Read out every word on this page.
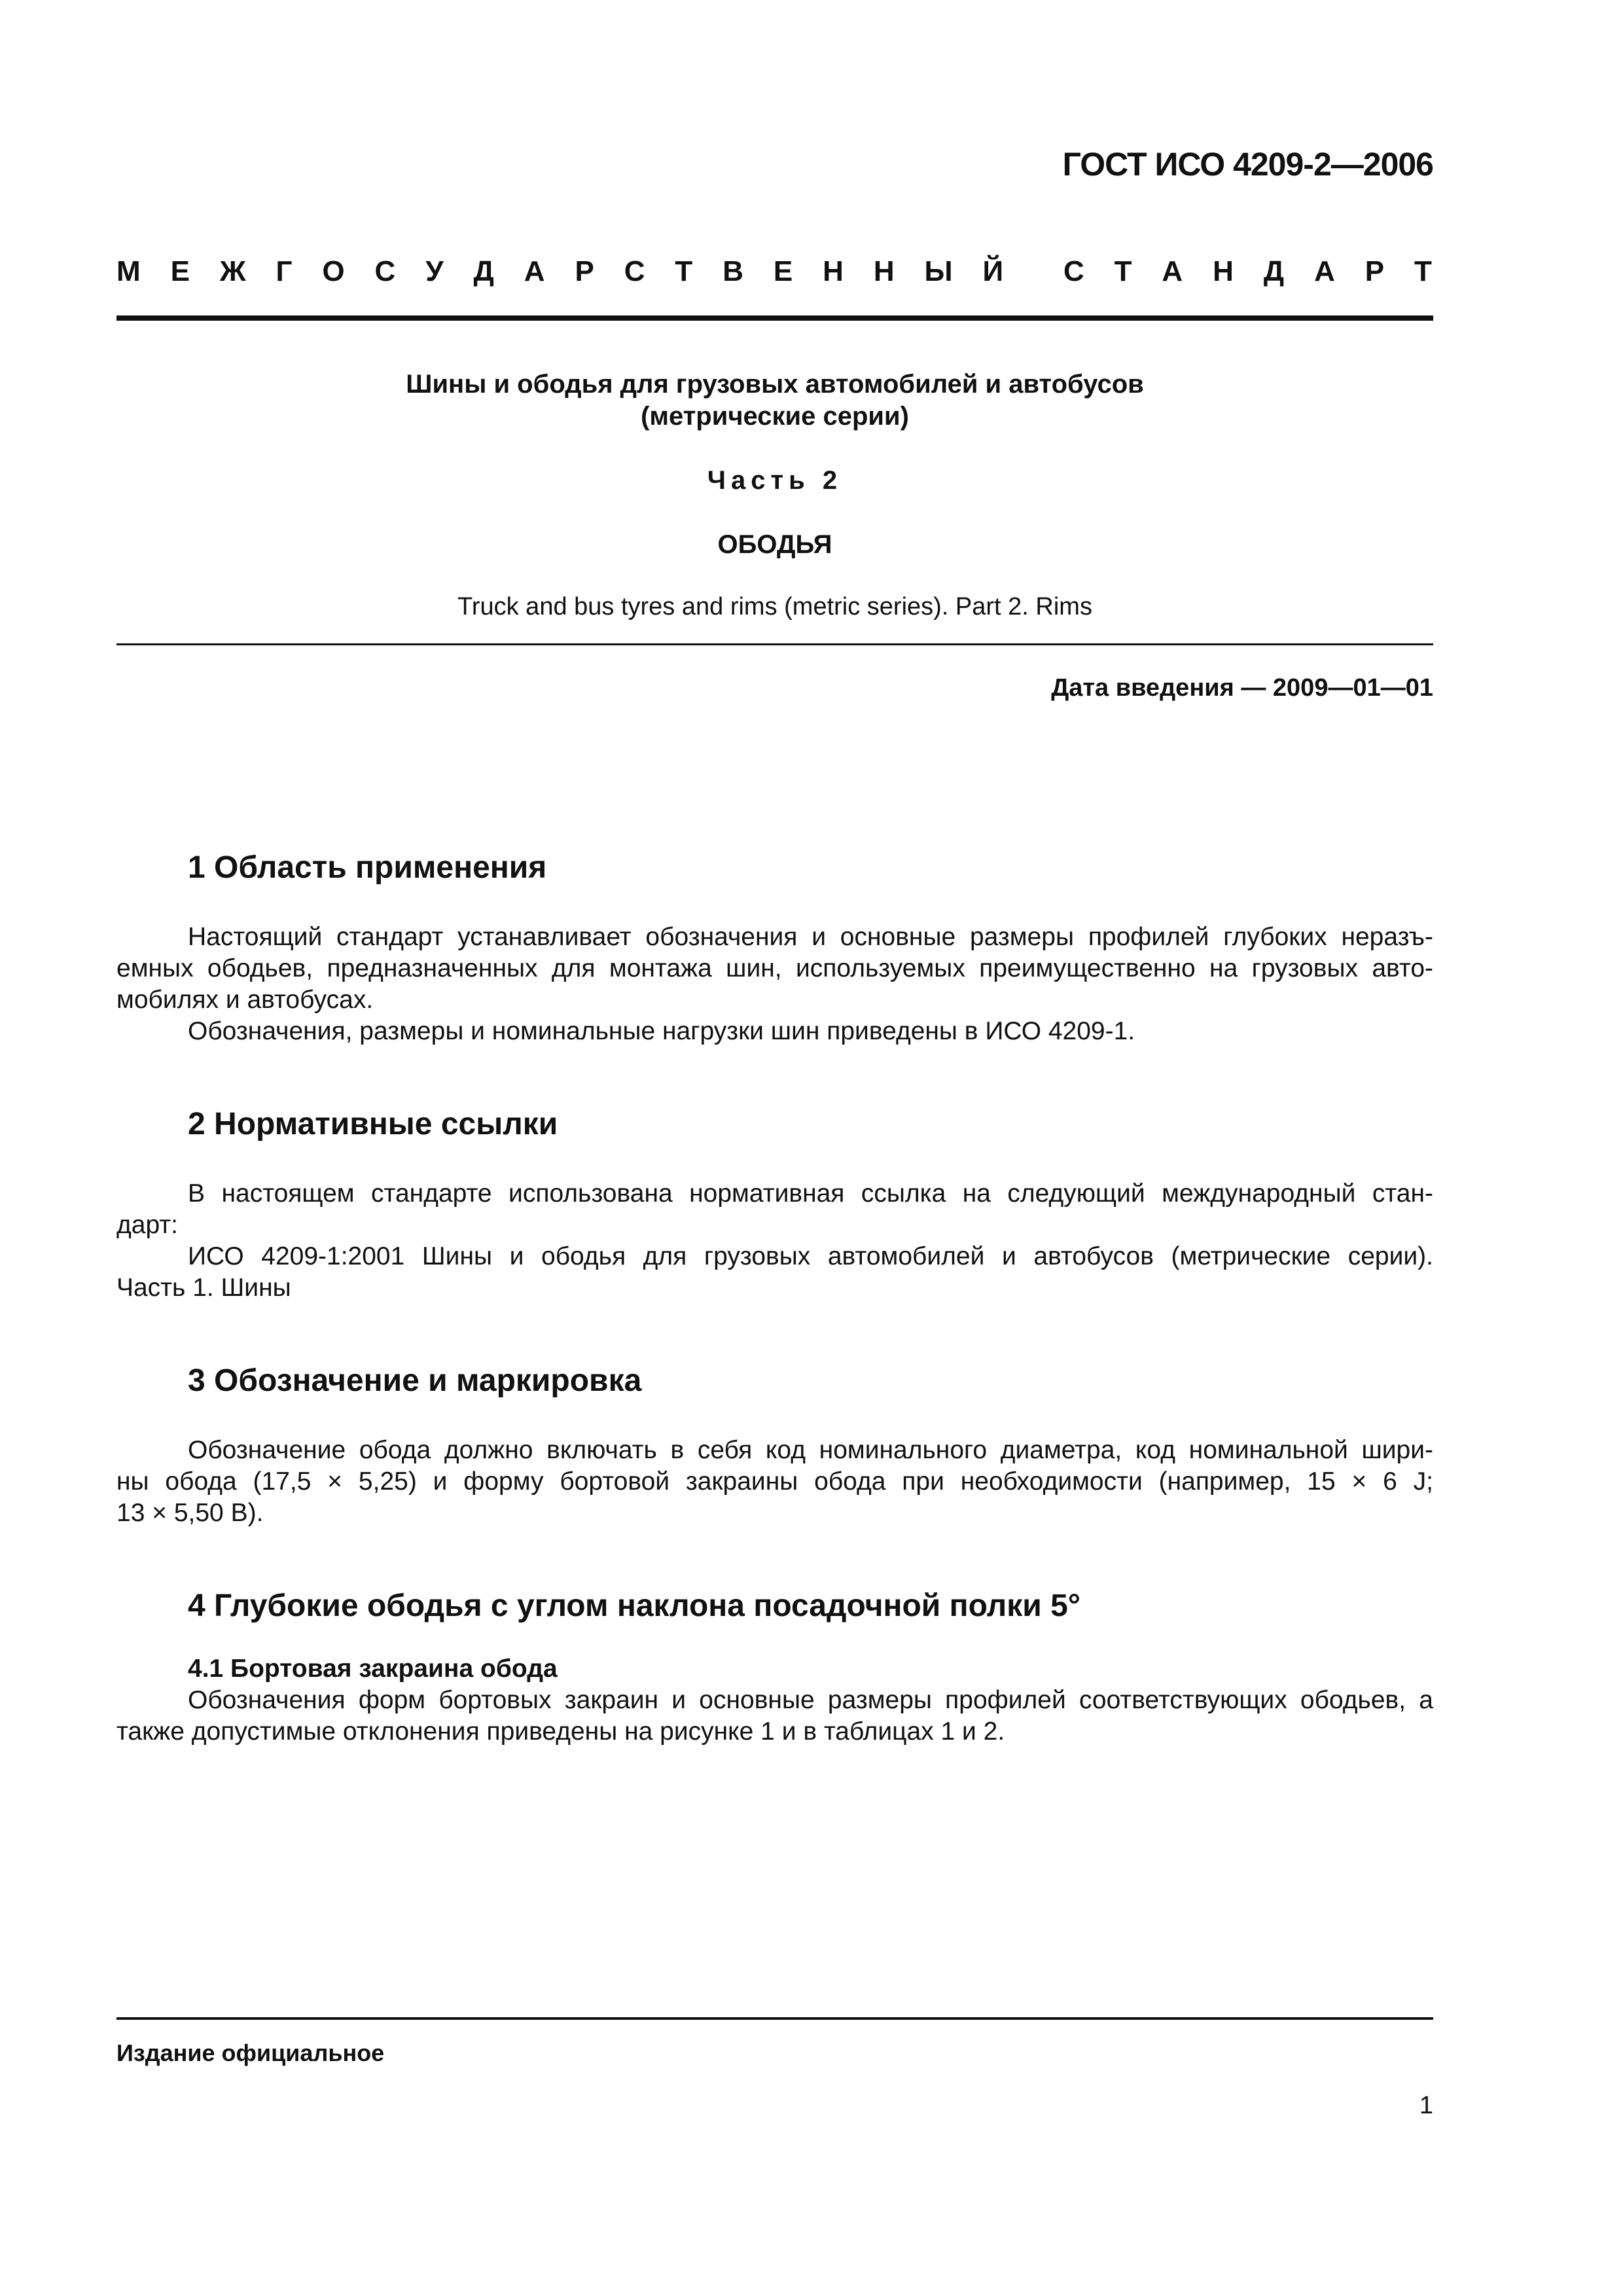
ГОСТ ИСО 4209-2—2006
М Е Ж Г О С У Д А Р С Т В Е Н Н Ы Й С Т А Н Д А Р Т
Шины и ободья для грузовых автомобилей и автобусов
(метрические серии)
Часть 2
ОБОДЬЯ
Truck and bus tyres and rims (metric series). Part 2. Rims
Дата введения — 2009—01—01
1 Область применения
Настоящий стандарт устанавливает обозначения и основные размеры профилей глубоких неразъ-
емных ободьев, предназначенных для монтажа шин, используемых преимущественно на грузовых авто-
мобилях и автобусах.
Обозначения, размеры и номинальные нагрузки шин приведены в ИСО 4209-1.
2 Нормативные ссылки
В настоящем стандарте использована нормативная ссылка на следующий международный стан-
дарт:
ИСО 4209-1:2001 Шины и ободья для грузовых автомобилей и автобусов (метрические серии).
Часть 1. Шины
3 Обозначение и маркировка
Обозначение обода должно включать в себя код номинального диаметра, код номинальной шири-
ны обода (17,5 × 5,25) и форму бортовой закраины обода при необходимости (например, 15 × 6 J;
13 × 5,50 B).
4 Глубокие ободья с углом наклона посадочной полки 5°
4.1 Бортовая закраина обода
Обозначения форм бортовых закраин и основные размеры профилей соответствующих ободьев, а
также допустимые отклонения приведены на рисунке 1 и в таблицах 1 и 2.
Издание официальное
1
